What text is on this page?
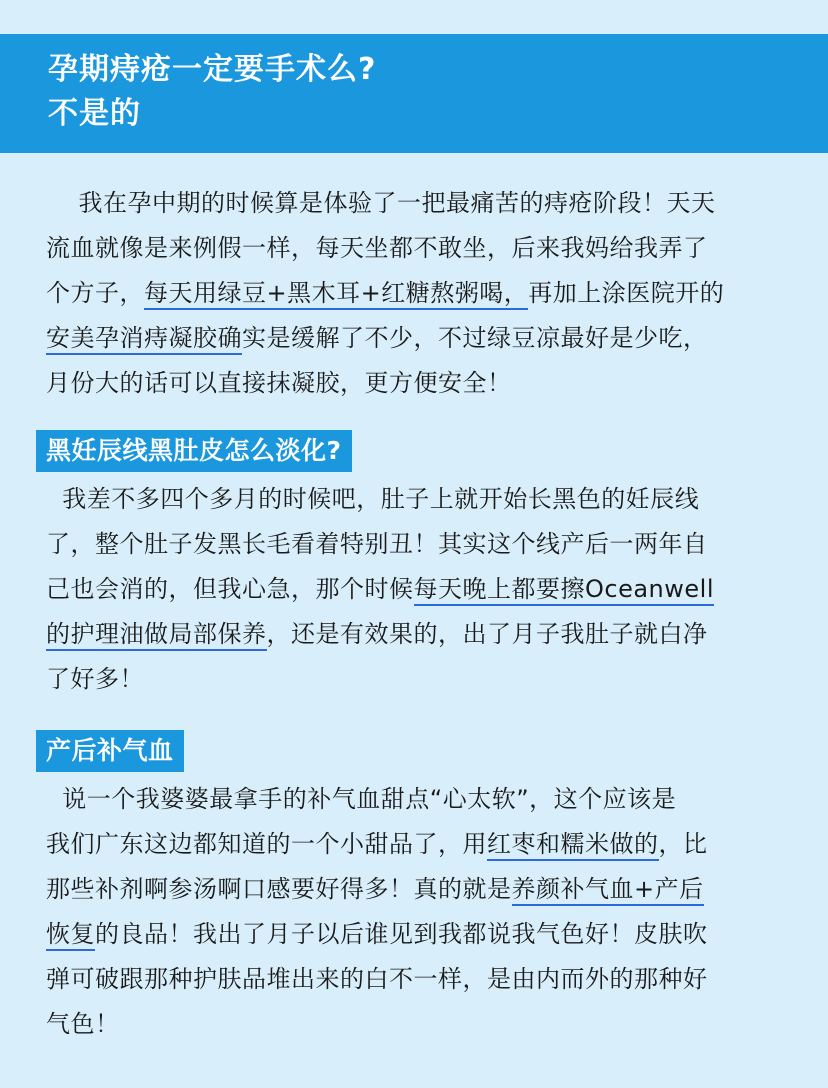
孕期痔疮一定要手术么?
不是的
我在孕中期的时候算是体验了一把最痛苦的痔疮阶段！天天
流血就像是来例假一样，每天坐都不敢坐，后来我妈给我弄了
个方子，每天用绿豆+黑木耳+红糖熬粥喝，再加上涂医院开的
安美孕消痔凝胶确实是缓解了不少，不过绿豆凉最好是少吃，
月份大的话可以直接抹凝胶，更方便安全！
黑妊辰线黑肚皮怎么淡化?
我差不多四个多月的时候吧，肚子上就开始长黑色的妊辰线
了，整个肚子发黑长毛看着特别丑！其实这个线产后一两年自
己也会消的，但我心急，那个时候每天晚上都要擦Oceanwell
的护理油做局部保养，还是有效果的，出了月子我肚子就白净
了好多！
产后补气血
说一个我婆婆最拿手的补气血甜点“心太软”，这个应该是
我们广东这边都知道的一个小甜品了，用红枣和糯米做的，比
那些补剂啊参汤啊口感要好得多！真的就是养颜补气血+产后
恢复的良品！我出了月子以后谁见到我都说我气色好！皮肤吹
弹可破跟那种护肤品堆出来的白不一样，是由内而外的那种好
气色！
